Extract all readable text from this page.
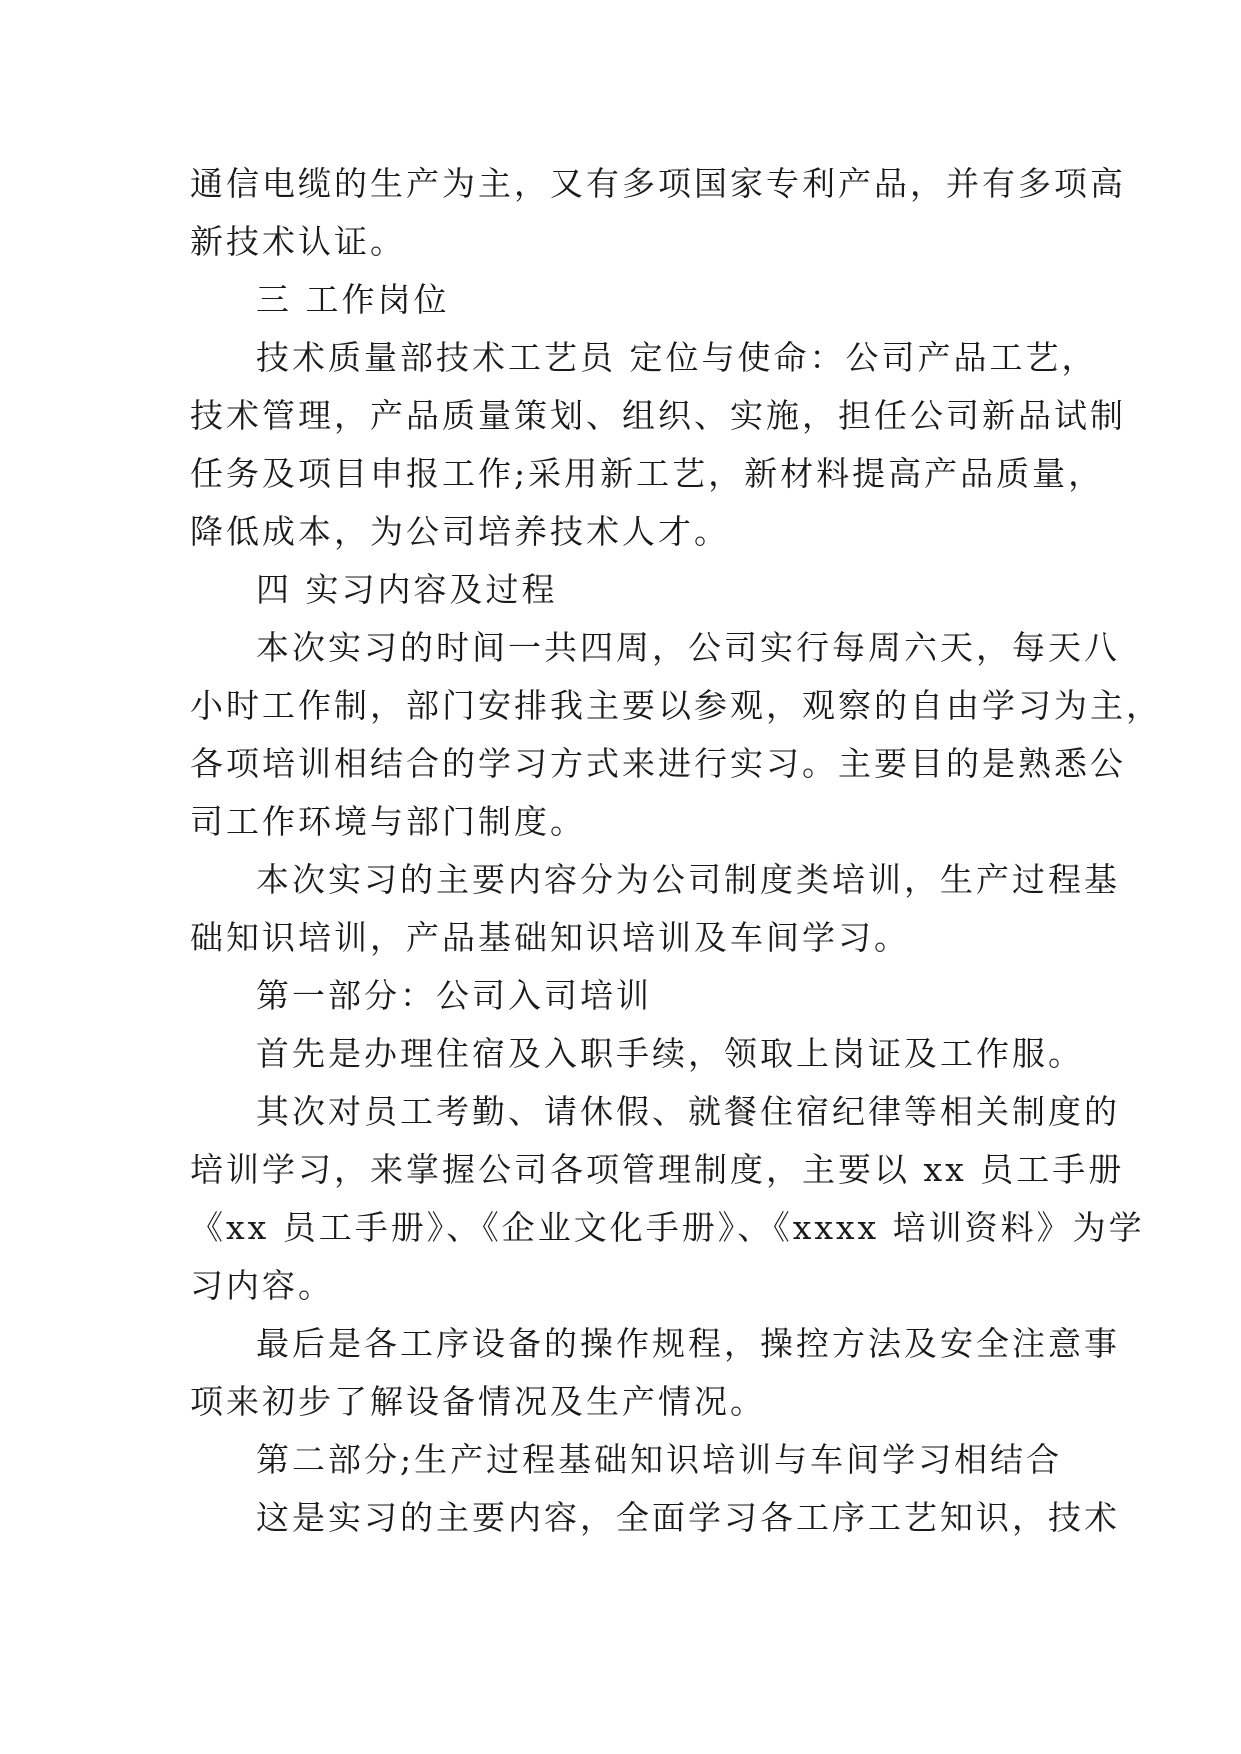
通信电缆的生产为主，又有多项国家专利产品，并有多项高
新技术认证。
三 工作岗位
技术质量部技术工艺员 定位与使命：公司产品工艺，
技术管理，产品质量策划、组织、实施，担任公司新品试制
任务及项目申报工作;采用新工艺，新材料提高产品质量，
降低成本，为公司培养技术人才。
四 实习内容及过程
本次实习的时间一共四周，公司实行每周六天，每天八
小时工作制，部门安排我主要以参观，观察的自由学习为主，
各项培训相结合的学习方式来进行实习。主要目的是熟悉公
司工作环境与部门制度。
本次实习的主要内容分为公司制度类培训，生产过程基
础知识培训，产品基础知识培训及车间学习。
第一部分：公司入司培训
首先是办理住宿及入职手续，领取上岗证及工作服。
其次对员工考勤、请休假、就餐住宿纪律等相关制度的
培训学习，来掌握公司各项管理制度，主要以 xx 员工手册
《xx 员工手册》、《企业文化手册》、《xxxx 培训资料》为学
习内容。
最后是各工序设备的操作规程，操控方法及安全注意事
项来初步了解设备情况及生产情况。
第二部分;生产过程基础知识培训与车间学习相结合
这是实习的主要内容，全面学习各工序工艺知识，技术
